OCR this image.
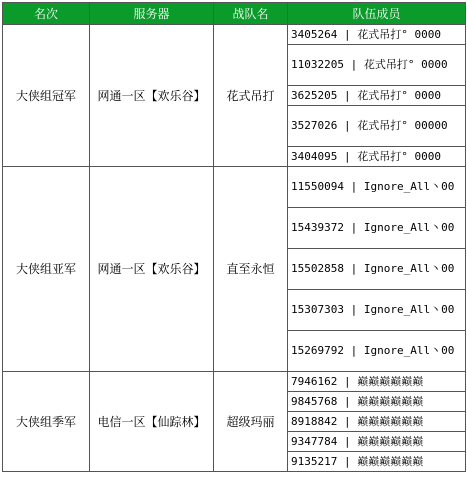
名次	服务器	战队名	队伍成员
大侠组冠军	网通一区【欢乐谷】	花式吊打	3405264 | 花式吊打° 0000
			11032205 | 花式吊打° 0000
			3625205 | 花式吊打° 0000
			3527026 | 花式吊打° 00000
			3404095 | 花式吊打° 0000
大侠组亚军	网通一区【欢乐谷】	直至永恒	11550094 | Ignore_All丶00
			15439372 | Ignore_All丶00
			15502858 | Ignore_All丶00
			15307303 | Ignore_All丶00
			15269792 | Ignore_All丶00
大侠组季军	电信一区【仙踪林】	超级玛丽	7946162 | 巅巅巅巅巅巅
			9845768 | 巅巅巅巅巅巅
			8918842 | 巅巅巅巅巅巅
			9347784 | 巅巅巅巅巅巅
			9135217 | 巅巅巅巅巅巅
